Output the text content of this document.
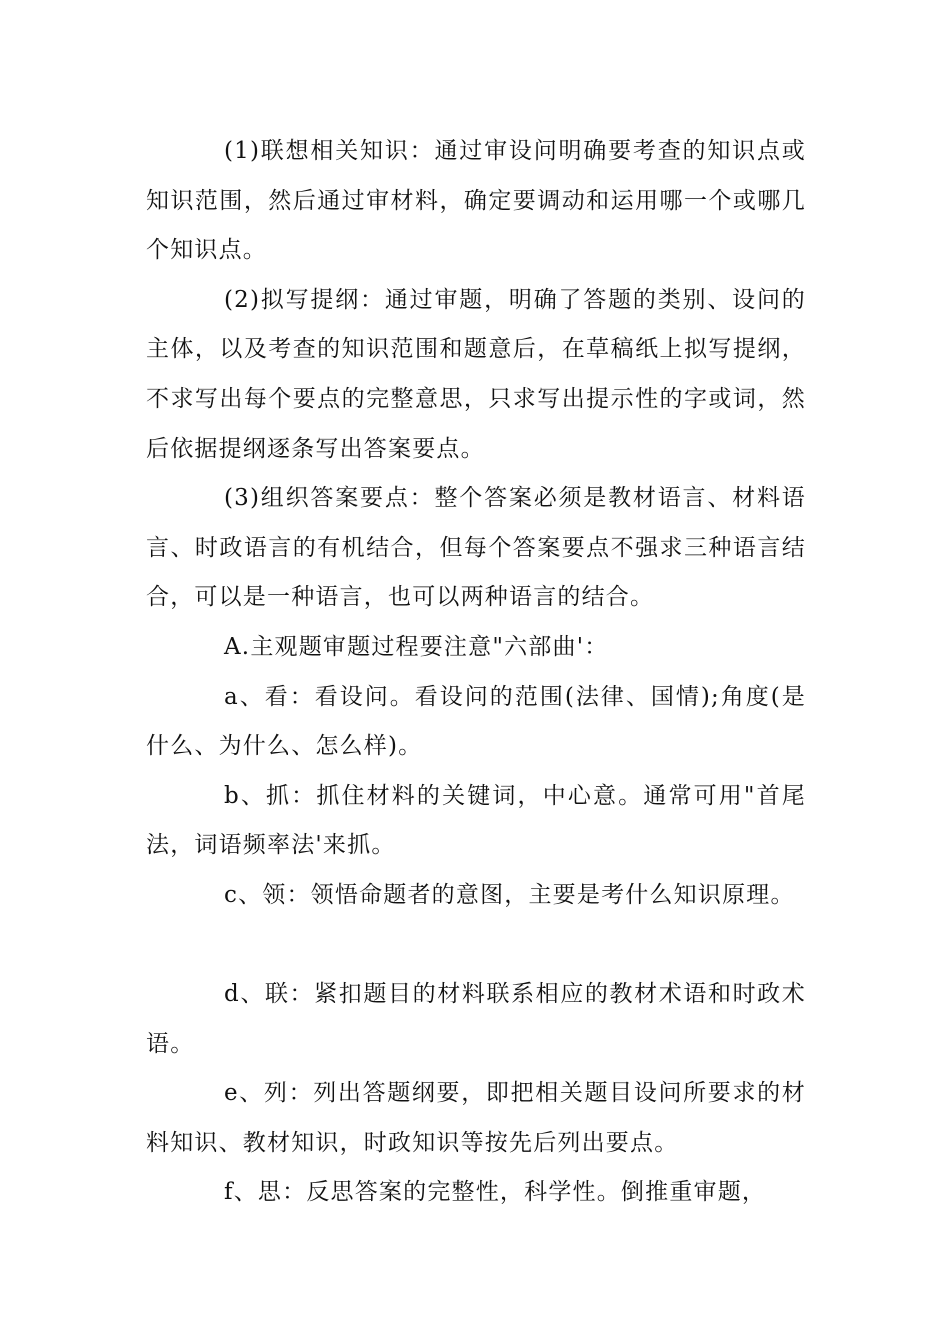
(1)联想相关知识：通过审设问明确要考查的知识点或知识范围，然后通过审材料，确定要调动和运用哪一个或哪几个知识点。

(2)拟写提纲：通过审题，明确了答题的类别、设问的主体，以及考查的知识范围和题意后，在草稿纸上拟写提纲，不求写出每个要点的完整意思，只求写出提示性的字或词，然后依据提纲逐条写出答案要点。

(3)组织答案要点：整个答案必须是教材语言、材料语言、时政语言的有机结合，但每个答案要点不强求三种语言结合，可以是一种语言，也可以两种语言的结合。

A.主观题审题过程要注意"六部曲'：

a、看：看设问。看设问的范围(法律、国情);角度(是什么、为什么、怎么样)。

b、抓：抓住材料的关键词，中心意。通常可用"首尾法，词语频率法'来抓。

c、领：领悟命题者的意图，主要是考什么知识原理。

d、联：紧扣题目的材料联系相应的教材术语和时政术语。

e、列：列出答题纲要，即把相关题目设问所要求的材料知识、教材知识，时政知识等按先后列出要点。

f、思：反思答案的完整性，科学性。倒推重审题，
